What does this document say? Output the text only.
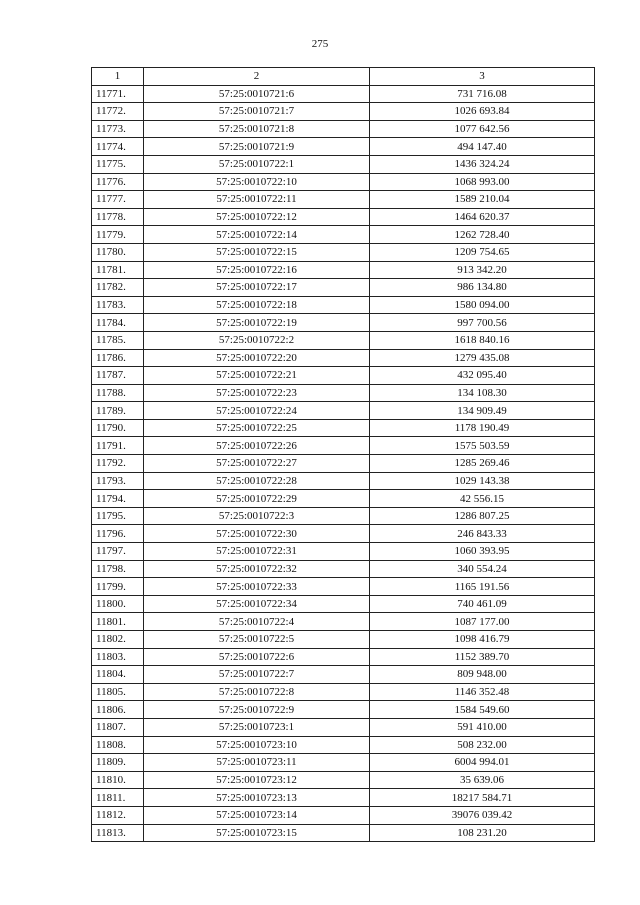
275
1	2	3
11771.	57:25:0010721:6	731 716.08
11772.	57:25:0010721:7	1026 693.84
11773.	57:25:0010721:8	1077 642.56
11774.	57:25:0010721:9	494 147.40
11775.	57:25:0010722:1	1436 324.24
11776.	57:25:0010722:10	1068 993.00
11777.	57:25:0010722:11	1589 210.04
11778.	57:25:0010722:12	1464 620.37
11779.	57:25:0010722:14	1262 728.40
11780.	57:25:0010722:15	1209 754.65
11781.	57:25:0010722:16	913 342.20
11782.	57:25:0010722:17	986 134.80
11783.	57:25:0010722:18	1580 094.00
11784.	57:25:0010722:19	997 700.56
11785.	57:25:0010722:2	1618 840.16
11786.	57:25:0010722:20	1279 435.08
11787.	57:25:0010722:21	432 095.40
11788.	57:25:0010722:23	134 108.30
11789.	57:25:0010722:24	134 909.49
11790.	57:25:0010722:25	1178 190.49
11791.	57:25:0010722:26	1575 503.59
11792.	57:25:0010722:27	1285 269.46
11793.	57:25:0010722:28	1029 143.38
11794.	57:25:0010722:29	42 556.15
11795.	57:25:0010722:3	1286 807.25
11796.	57:25:0010722:30	246 843.33
11797.	57:25:0010722:31	1060 393.95
11798.	57:25:0010722:32	340 554.24
11799.	57:25:0010722:33	1165 191.56
11800.	57:25:0010722:34	740 461.09
11801.	57:25:0010722:4	1087 177.00
11802.	57:25:0010722:5	1098 416.79
11803.	57:25:0010722:6	1152 389.70
11804.	57:25:0010722:7	809 948.00
11805.	57:25:0010722:8	1146 352.48
11806.	57:25:0010722:9	1584 549.60
11807.	57:25:0010723:1	591 410.00
11808.	57:25:0010723:10	508 232.00
11809.	57:25:0010723:11	6004 994.01
11810.	57:25:0010723:12	35 639.06
11811.	57:25:0010723:13	18217 584.71
11812.	57:25:0010723:14	39076 039.42
11813.	57:25:0010723:15	108 231.20
